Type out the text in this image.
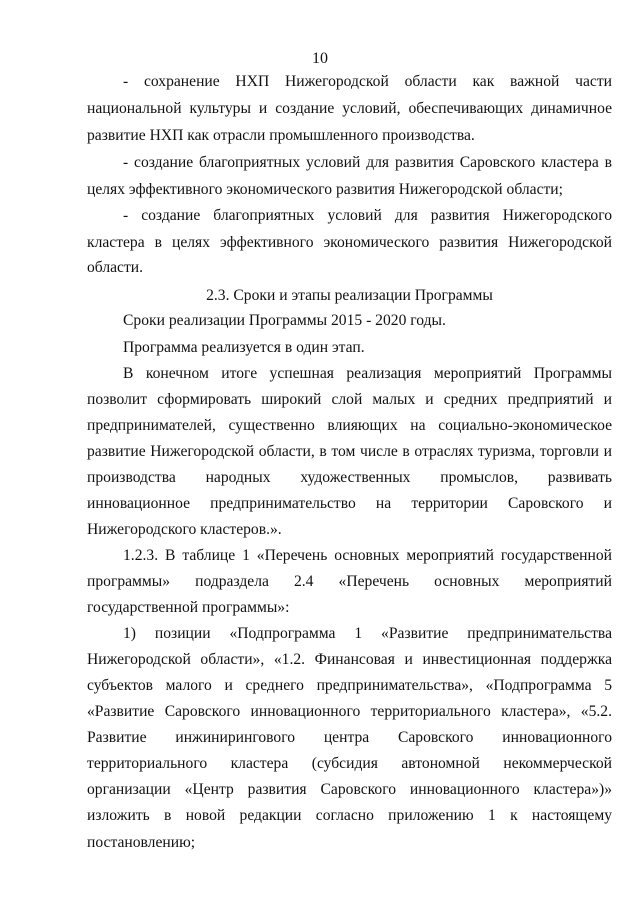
10
- сохранение НХП Нижегородской области как важной части
национальной культуры и создание условий, обеспечивающих динамичное
развитие НХП как отрасли промышленного производства.
- создание благоприятных условий для развития Саровского кластера в
целях эффективного экономического развития Нижегородской области;
- создание благоприятных условий для развития Нижегородского
кластера в целях эффективного экономического развития Нижегородской
области.
2.3. Сроки и этапы реализации Программы
Сроки реализации Программы 2015 - 2020 годы.
Программа реализуется в один этап.
В конечном итоге успешная реализация мероприятий Программы
позволит сформировать широкий слой малых и средних предприятий и
предпринимателей, существенно влияющих на социально-экономическое
развитие Нижегородской области, в том числе в отраслях туризма, торговли и
производства народных художественных промыслов, развивать
инновационное предпринимательство на территории Саровского и
Нижегородского кластеров.».
1.2.3. В таблице 1 «Перечень основных мероприятий государственной
программы» подраздела 2.4 «Перечень основных мероприятий
государственной программы»:
1) позиции «Подпрограмма 1 «Развитие предпринимательства
Нижегородской области», «1.2. Финансовая и инвестиционная поддержка
субъектов малого и среднего предпринимательства», «Подпрограмма 5
«Развитие Саровского инновационного территориального кластера», «5.2.
Развитие инжинирингового центра Саровского инновационного
территориального кластера (субсидия автономной некоммерческой
организации «Центр развития Саровского инновационного кластера»)»
изложить в новой редакции согласно приложению 1 к настоящему
постановлению;
